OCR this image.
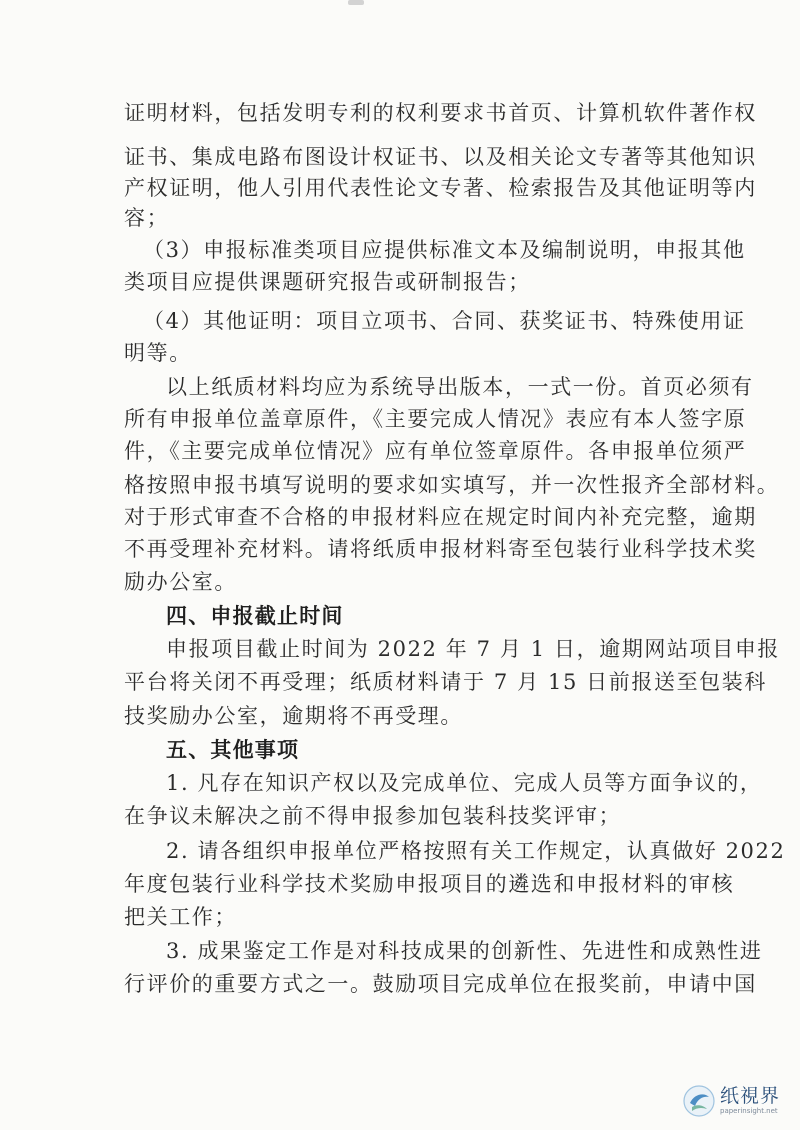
证明材料，包括发明专利的权利要求书首页、计算机软件著作权
证书、集成电路布图设计权证书、以及相关论文专著等其他知识
产权证明，他人引用代表性论文专著、检索报告及其他证明等内
容；
（3）申报标准类项目应提供标准文本及编制说明，申报其他
类项目应提供课题研究报告或研制报告；
（4）其他证明：项目立项书、合同、获奖证书、特殊使用证
明等。
以上纸质材料均应为系统导出版本，一式一份。首页必须有
所有申报单位盖章原件，《主要完成人情况》表应有本人签字原
件，《主要完成单位情况》应有单位签章原件。各申报单位须严
格按照申报书填写说明的要求如实填写，并一次性报齐全部材料。
对于形式审查不合格的申报材料应在规定时间内补充完整，逾期
不再受理补充材料。请将纸质申报材料寄至包装行业科学技术奖
励办公室。
四、申报截止时间
申报项目截止时间为 2022 年 7 月 1 日，逾期网站项目申报
平台将关闭不再受理；纸质材料请于 7 月 15 日前报送至包装科
技奖励办公室，逾期将不再受理。
五、其他事项
1. 凡存在知识产权以及完成单位、完成人员等方面争议的，
在争议未解决之前不得申报参加包装科技奖评审；
2. 请各组织申报单位严格按照有关工作规定，认真做好 2022
年度包装行业科学技术奖励申报项目的遴选和申报材料的审核
把关工作；
3. 成果鉴定工作是对科技成果的创新性、先进性和成熟性进
行评价的重要方式之一。鼓励项目完成单位在报奖前，申请中国
纸視界
paperinsight.net
